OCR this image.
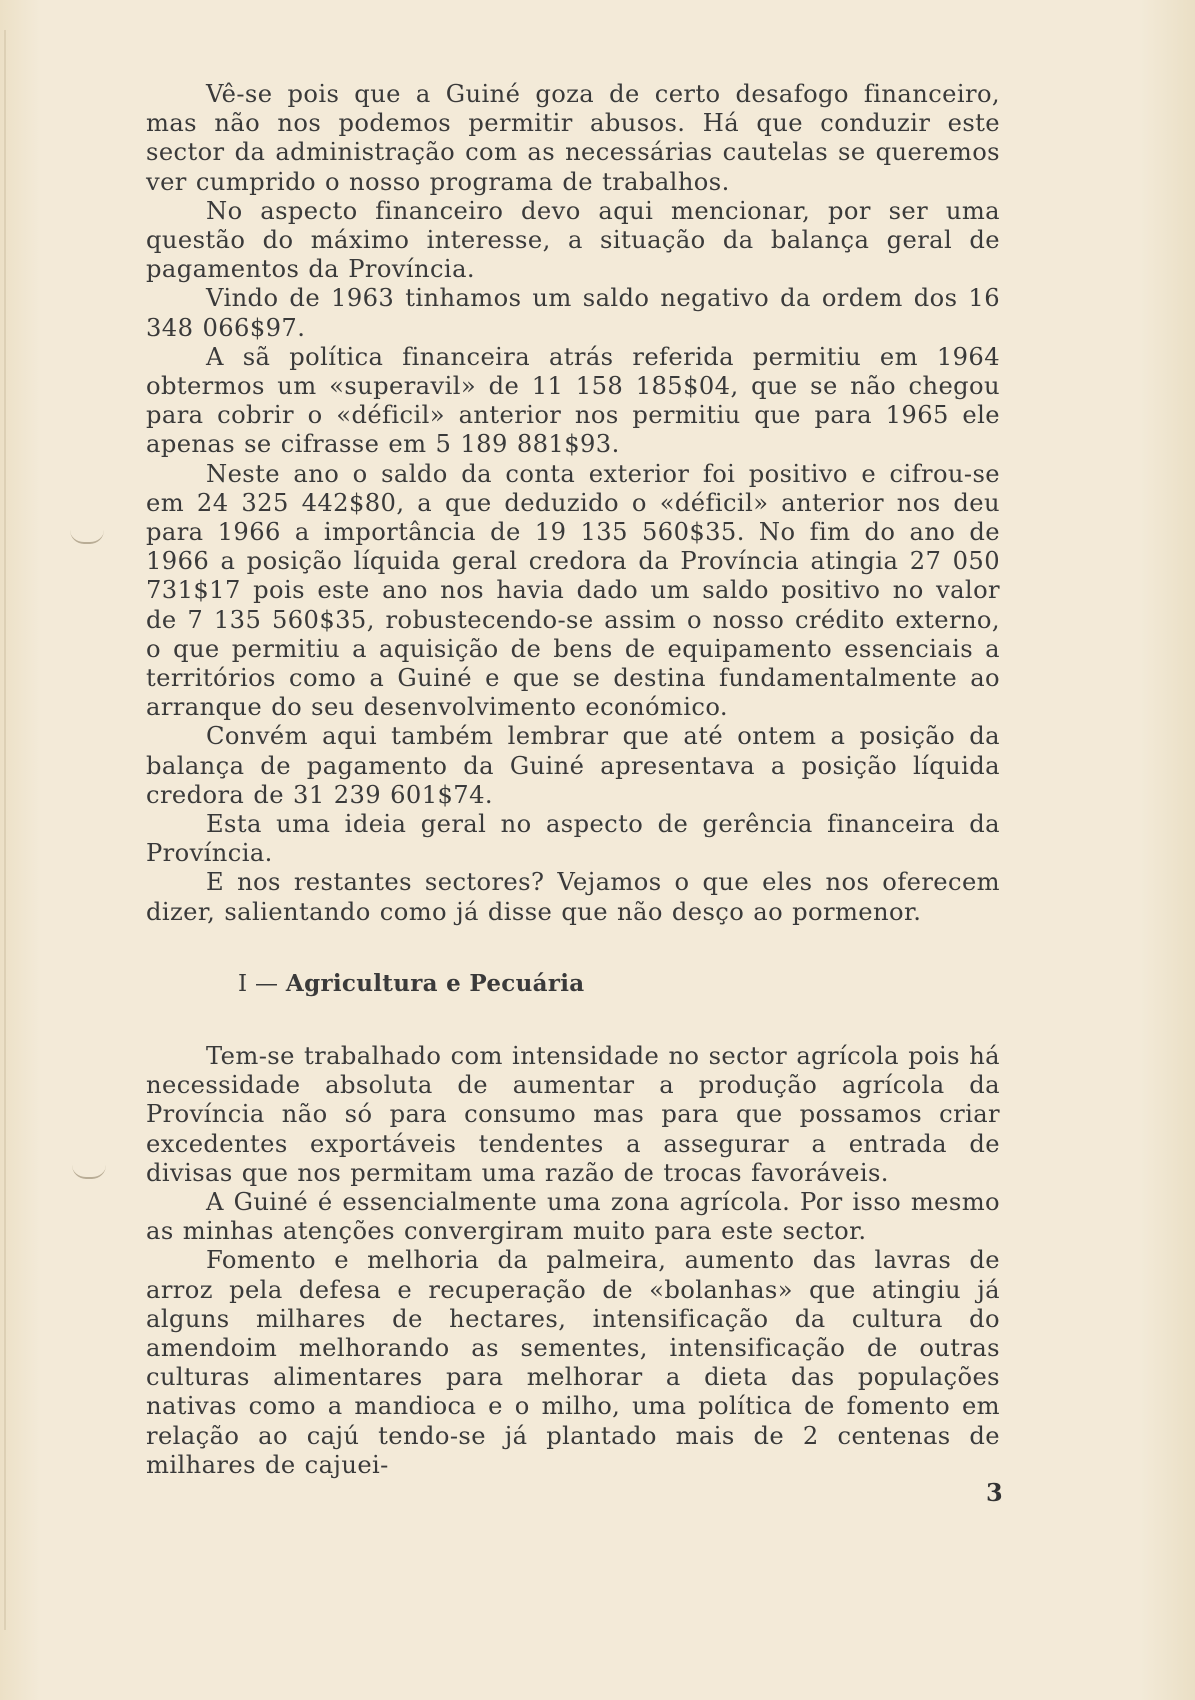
Vê-se pois que a Guiné goza de certo desafogo financeiro, mas não nos podemos permitir abusos. Há que conduzir este sector da administração com as necessárias cautelas se queremos ver cumprido o nosso programa de trabalhos.

No aspecto financeiro devo aqui mencionar, por ser uma questão do máximo interesse, a situação da balança geral de pagamentos da Província.

Vindo de 1963 tinhamos um saldo negativo da ordem dos 16 348 066$97.

A sã política financeira atrás referida permitiu em 1964 obtermos um «superavil» de 11 158 185$04, que se não chegou para cobrir o «déficil» anterior nos permitiu que para 1965 ele apenas se cifrasse em 5 189 881$93.

Neste ano o saldo da conta exterior foi positivo e cifrou-se em 24 325 442$80, a que deduzido o «déficil» anterior nos deu para 1966 a importância de 19 135 560$35. No fim do ano de 1966 a posição líquida geral credora da Província atingia 27 050 731$17 pois este ano nos havia dado um saldo positivo no valor de 7 135 560$35, robustecendo-se assim o nosso crédito externo, o que permitiu a aquisição de bens de equipamento essenciais a territórios como a Guiné e que se destina fundamentalmente ao arranque do seu desenvolvimento económico.

Convém aqui também lembrar que até ontem a posição da balança de pagamento da Guiné apresentava a posição líquida credora de 31 239 601$74.

Esta uma ideia geral no aspecto de gerência financeira da Província.

E nos restantes sectores? Vejamos o que eles nos oferecem dizer, salientando como já disse que não desço ao pormenor.

I — Agricultura e Pecuária

Tem-se trabalhado com intensidade no sector agrícola pois há necessidade absoluta de aumentar a produção agrícola da Província não só para consumo mas para que possamos criar excedentes exportáveis tendentes a assegurar a entrada de divisas que nos permitam uma razão de trocas favoráveis.

A Guiné é essencialmente uma zona agrícola. Por isso mesmo as minhas atenções convergiram muito para este sector.

Fomento e melhoria da palmeira, aumento das lavras de arroz pela defesa e recuperação de «bolanhas» que atingiu já alguns milhares de hectares, intensificação da cultura do amendoim melhorando as sementes, intensificação de outras culturas alimentares para melhorar a dieta das populações nativas como a mandioca e o milho, uma política de fomento em relação ao cajú tendo-se já plantado mais de 2 centenas de milhares de cajuei-

3
